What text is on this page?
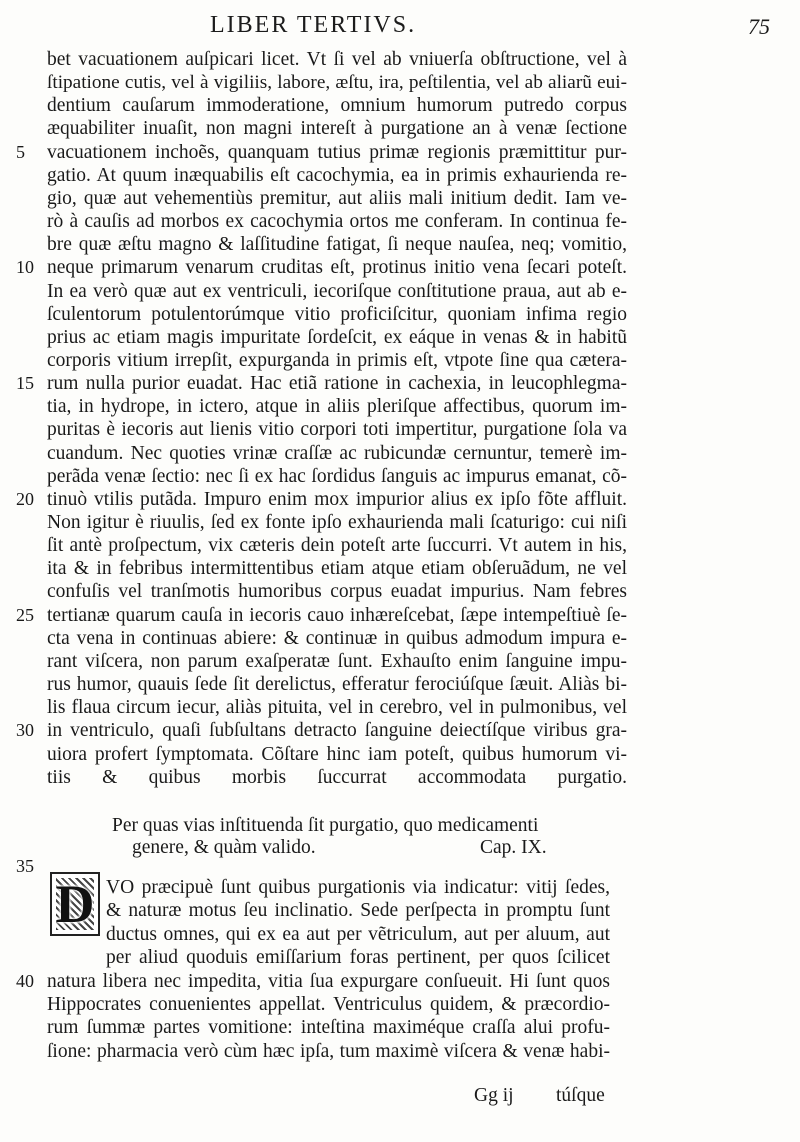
LIBER TERTIVS.	75
bet vacuationem auſpicari licet. Vt ſi vel ab vniuerſa obſtructione, vel à
ſtipatione cutis, vel à vigiliis, labore, æſtu, ira, peſtilentia, vel ab aliarũ eui-
dentium cauſarum immoderatione, omnium humorum putredo corpus
æquabiliter inuaſit, non magni intereſt à purgatione an à venæ ſectione
5	vacuationem inchoẽs, quanquam tutius primæ regionis præmittitur pur-
gatio. At quum inæquabilis eſt cacochymia, ea in primis exhaurienda re-
gio, quæ aut vehementiùs premitur, aut aliis mali initium dedit. Iam ve-
rò à cauſis ad morbos ex cacochymia ortos me conferam. In continua fe-
bre quæ æſtu magno & laſſitudine fatigat, ſi neque nauſea, neq; vomitio,
10 neque primarum venarum cruditas eſt, protinus initio vena ſecari poteſt.
In ea verò quæ aut ex ventriculi, iecoriſque conſtitutione praua, aut ab e-
ſculentorum potulentorúmque vitio proficiſcitur, quoniam infima regio
prius ac etiam magis impuritate ſordeſcit, ex eáque in venas & in habitũ
corporis vitium irrepſit, expurganda in primis eſt, vtpote ſine qua cætera-
15 rum nulla purior euadat. Hac etiã ratione in cachexia, in leucophlegma-
tia, in hydrope, in ictero, atque in aliis pleriſque affectibus, quorum im-
puritas è iecoris aut lienis vitio corpori toti impertitur, purgatione ſola va
cuandum. Nec quoties vrinæ craſſæ ac rubicundæ cernuntur, temerè im-
perãda venæ ſectio: nec ſi ex hac ſordidus ſanguis ac impurus emanat, cõ-
20 tinuò vtilis putãda. Impuro enim mox impurior alius ex ipſo fõte affluit.
Non igitur è riuulis, ſed ex fonte ipſo exhaurienda mali ſcaturigo: cui niſi
ſit antè proſpectum, vix cæteris dein poteſt arte ſuccurri. Vt autem in his,
ita & in febribus intermittentibus etiam atque etiam obſeruãdum, ne vel
confuſis vel tranſmotis humoribus corpus euadat impurius. Nam febres
25 tertianæ quarum cauſa in iecoris cauo inhæreſcebat, ſæpe intempeſtiuè ſe-
cta vena in continuas abiere: & continuæ in quibus admodum impura e-
rant viſcera, non parum exaſperatæ ſunt. Exhauſto enim ſanguine impu-
rus humor, quauis ſede ſit derelictus, efferatur ferociúſque ſæuit. Aliàs bi-
lis flaua circum iecur, aliàs pituita, vel in cerebro, vel in pulmonibus, vel
30 in ventriculo, quaſi ſubſultans detracto ſanguine deiectíſque viribus gra-
uiora profert ſymptomata. Cõſtare hinc iam poteſt, quibus humorum vi-
tiis & quibus morbis ſuccurrat accommodata purgatio.
Per quas vias inſtituenda ſit purgatio, quo medicamenti
genere, & quàm valido.	Cap. IX.
35
D VO præcipuè ſunt quibus purgationis via indicatur: vitij ſedes,
& naturæ motus ſeu inclinatio. Sede perſpecta in promptu ſunt
ductus omnes, qui ex ea aut per vẽtriculum, aut per aluum, aut
per aliud quoduis emiſſarium foras pertinent, per quos ſcilicet
40 natura libera nec impedita, vitia ſua expurgare conſueuit. Hi ſunt quos
Hippocrates conuenientes appellat. Ventriculus quidem, & præcordio-
rum ſummæ partes vomitione: inteſtina maximéque craſſa alui profu-
ſione: pharmacia verò cùm hæc ipſa, tum maximè viſcera & venæ habi-
Gg ij túſque
